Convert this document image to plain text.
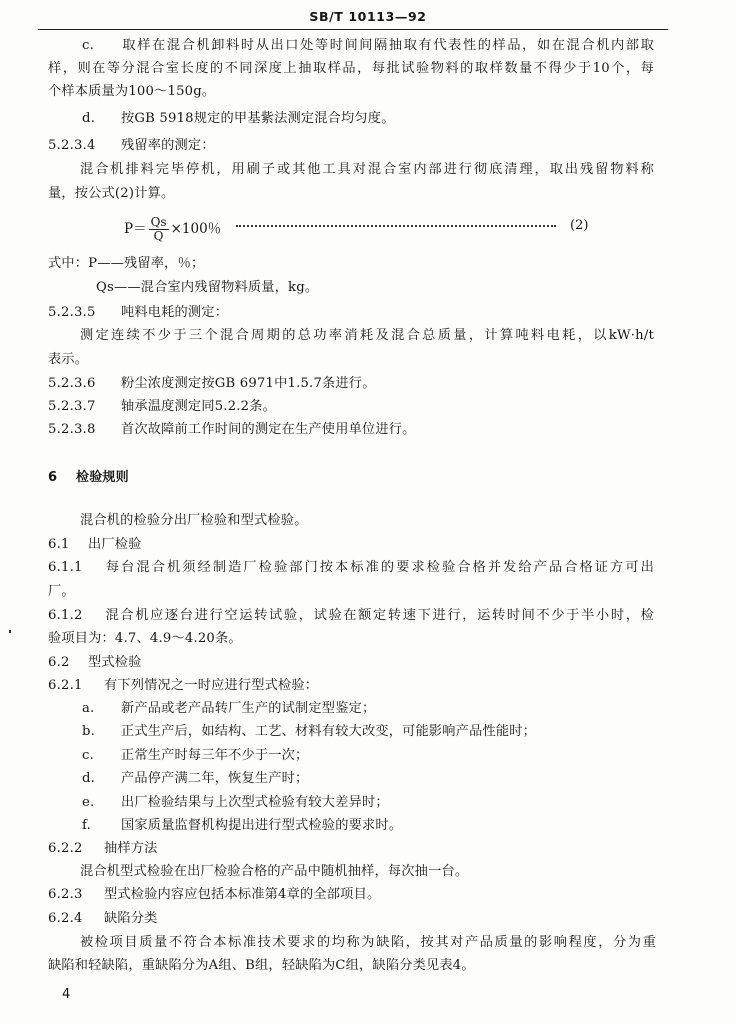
SB/T 10113—92
c. 取样在混合机卸料时从出口处等时间间隔抽取有代表性的样品，如在混合机内部取
样，则在等分混合室长度的不同深度上抽取样品，每批试验物料的取样数量不得少于10个，每
个样本质量为100～150g。
d. 按GB 5918规定的甲基紫法测定混合均匀度。
5.2.3.4 残留率的测定：
混合机排料完毕停机，用刷子或其他工具对混合室内部进行彻底清理，取出残留物料称
量，按公式(2)计算。
$P= \frac{Qs}{Q} \times 100$％	(2)
式中：P——残留率，％；
Qs——混合室内残留物料质量，kg。
5.2.3.5 吨料电耗的测定：
测定连续不少于三个混合周期的总功率消耗及混合总质量，计算吨料电耗，以kW·h/t
表示。
5.2.3.6 粉尘浓度测定按GB 6971中1.5.7条进行。
5.2.3.7 轴承温度测定同5.2.2条。
5.2.3.8 首次故障前工作时间的测定在生产使用单位进行。
6 检验规则
混合机的检验分出厂检验和型式检验。
6.1 出厂检验
6.1.1 每台混合机须经制造厂检验部门按本标准的要求检验合格并发给产品合格证方可出
厂。
6.1.2 混合机应逐台进行空运转试验，试验在额定转速下进行，运转时间不少于半小时，检
验项目为：4.7、4.9～4.20条。
6.2 型式检验
6.2.1 有下列情况之一时应进行型式检验：
a. 新产品或老产品转厂生产的试制定型鉴定；
b. 正式生产后，如结构、工艺、材料有较大改变，可能影响产品性能时；
c. 正常生产时每三年不少于一次；
d. 产品停产满二年，恢复生产时；
e. 出厂检验结果与上次型式检验有较大差异时；
f. 国家质量监督机构提出进行型式检验的要求时。
6.2.2 抽样方法
混合机型式检验在出厂检验合格的产品中随机抽样，每次抽一台。
6.2.3 型式检验内容应包括本标准第4章的全部项目。
6.2.4 缺陷分类
被检项目质量不符合本标准技术要求的均称为缺陷，按其对产品质量的影响程度，分为重
缺陷和轻缺陷，重缺陷分为A组、B组，轻缺陷为C组，缺陷分类见表4。
4
